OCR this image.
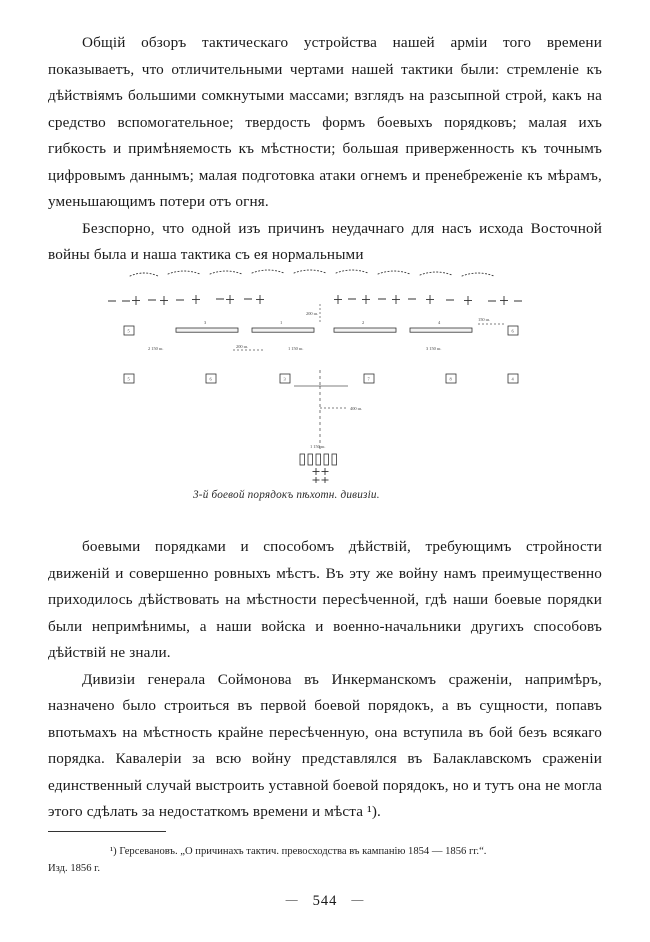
Общій обзоръ тактическаго устройства нашей арміи того времени показываетъ, что отличительными чертами нашей тактики были: стремленіе къ дѣйствіямъ большими сомкнутыми массами; взглядъ на разсыпной строй, какъ на средство вспомогательное; твердость формъ боевыхъ порядковъ; малая ихъ гибкость и примѣняемость къ мѣстности; большая приверженность къ точнымъ цифровымъ даннымъ; малая подготовка атаки огнемъ и пренебреженіе къ мѣрамъ, уменьшающимъ потери отъ огня.

Безспорно, что одной изъ причинъ неудачнаго для насъ исхода Восточной войны была и наша тактика съ ея нормальными

200 ш.
3	1	2	4
5	6
150 ш.
2 150 ш.	200 ш.	1 150 ш.	3 150 ш.
5	6	3	7	8	4
400 ш.
1 150 ш.
3-й боевой порядокъ пѣхотн. дивизіи.

боевыми порядками и способомъ дѣйствій, требующимъ стройности движеній и совершенно ровныхъ мѣстъ. Въ эту же войну намъ преимущественно приходилось дѣйствовать на мѣстности пересѣченной, гдѣ наши боевые порядки были непримѣнимы, а наши войска и военно-начальники другихъ способовъ дѣйствій не знали.

Дивизіи генерала Соймонова въ Инкерманскомъ сраженіи, напримѣръ, назначено было строиться въ первой боевой порядокъ, а въ сущности, попавъ впотьмахъ на мѣстность крайне пересѣченную, она вступила въ бой безъ всякаго порядка. Кавалеріи за всю войну представлялся въ Балаклавскомъ сраженіи единственный случай выстроить уставной боевой порядокъ, но и тутъ она не могла этого сдѣлать за недостаткомъ времени и мѣста ¹).

¹) Герсевановъ. „О причинахъ тактич. превосходства въ кампанію 1854 — 1856 гг.“.
Изд. 1856 г.
— 544 —
